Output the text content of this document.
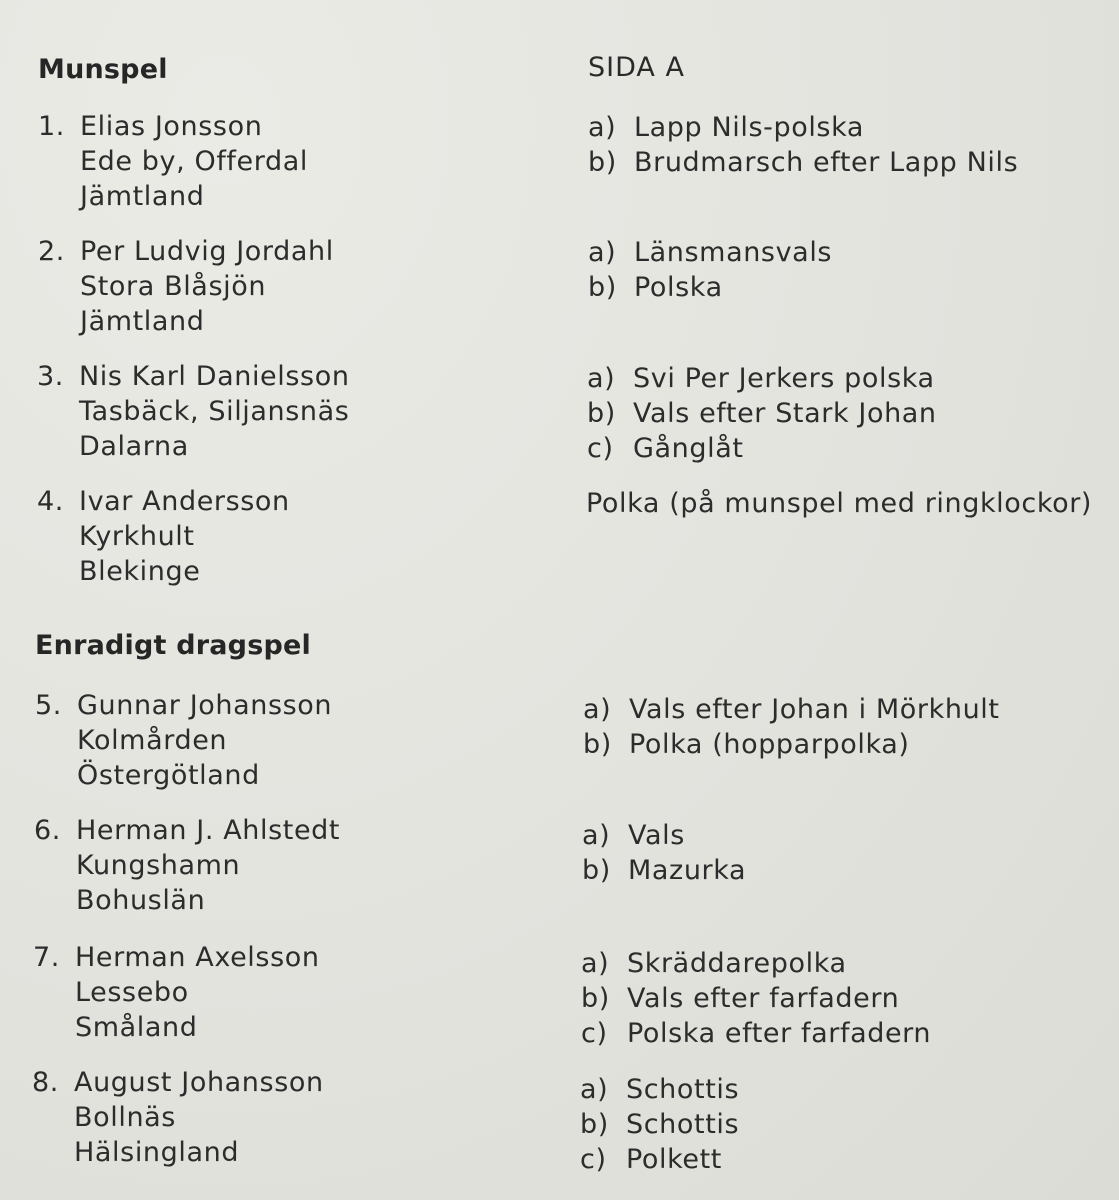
Munspel	SIDA A
1. Elias Jonsson
Ede by, Offerdal
Jämtland
a) Lapp Nils-polska
b) Brudmarsch efter Lapp Nils
2. Per Ludvig Jordahl
Stora Blåsjön
Jämtland
a) Länsmansvals
b) Polska
3. Nis Karl Danielsson
Tasbäck, Siljansnäs
Dalarna
a) Svi Per Jerkers polska
b) Vals efter Stark Johan
c) Gånglåt
4. Ivar Andersson
Kyrkhult
Blekinge
Polka (på munspel med ringklockor)
Enradigt dragspel
5. Gunnar Johansson
Kolmården
Östergötland
a) Vals efter Johan i Mörkhult
b) Polka (hopparpolka)
6. Herman J. Ahlstedt
Kungshamn
Bohuslän
a) Vals
b) Mazurka
7. Herman Axelsson
Lessebo
Småland
a) Skräddarepolka
b) Vals efter farfadern
c) Polska efter farfadern
8. August Johansson
Bollnäs
Hälsingland
a) Schottis
b) Schottis
c) Polkett
